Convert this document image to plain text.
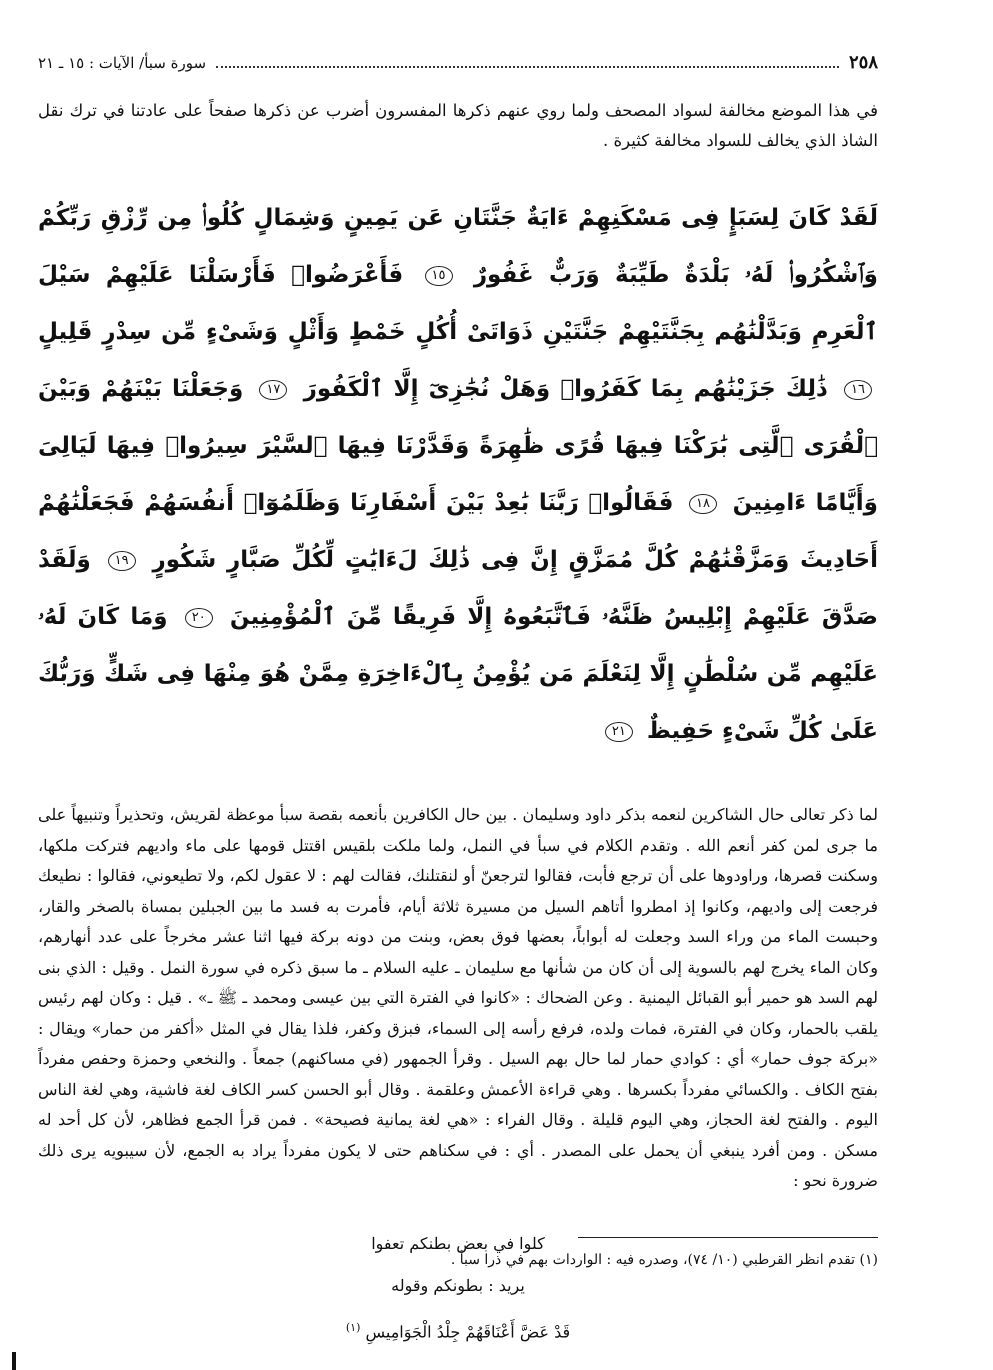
٢٥٨
سورة سبأ/ الآيات : ١٥ ـ ٢١

في هذا الموضع مخالفة لسواد المصحف ولما روي عنهم ذكرها المفسرون أضرب عن ذكرها صفحاً على عادتنا في ترك نقل الشاذ الذي يخالف للسواد مخالفة كثيرة .

لَقَدْ كَانَ لِسَبَإٍ فِى مَسْكَنِهِمْ ءَايَةٌ جَنَّتَانِ عَن يَمِينٍ وَشِمَالٍ كُلُوا۟ مِن رِّزْقِ رَبِّكُمْ وَٱشْكُرُوا۟ لَهُۥ بَلْدَةٌ طَيِّبَةٌ وَرَبٌّ غَفُورٌ ١٥ فَأَعْرَضُوا۟ فَأَرْسَلْنَا عَلَيْهِمْ سَيْلَ ٱلْعَرِمِ وَبَدَّلْنَٰهُم بِجَنَّتَيْهِمْ جَنَّتَيْنِ ذَوَاتَىْ أُكُلٍ خَمْطٍ وَأَثْلٍ وَشَىْءٍ مِّن سِدْرٍ قَلِيلٍ ١٦ ذَٰلِكَ جَزَيْنَٰهُم بِمَا كَفَرُوا۟ وَهَلْ نُجَٰزِىٓ إِلَّا ٱلْكَفُورَ ١٧ وَجَعَلْنَا بَيْنَهُمْ وَبَيْنَ ٱلْقُرَى ٱلَّتِى بَٰرَكْنَا فِيهَا قُرًى ظَٰهِرَةً وَقَدَّرْنَا فِيهَا ٱلسَّيْرَ سِيرُوا۟ فِيهَا لَيَالِىَ وَأَيَّامًا ءَامِنِينَ ١٨ فَقَالُوا۟ رَبَّنَا بَٰعِدْ بَيْنَ أَسْفَارِنَا وَظَلَمُوٓا۟ أَنفُسَهُمْ فَجَعَلْنَٰهُمْ أَحَادِيثَ وَمَزَّقْنَٰهُمْ كُلَّ مُمَزَّقٍ إِنَّ فِى ذَٰلِكَ لَءَايَٰتٍ لِّكُلِّ صَبَّارٍ شَكُورٍ ١٩ وَلَقَدْ صَدَّقَ عَلَيْهِمْ إِبْلِيسُ ظَنَّهُۥ فَٱتَّبَعُوهُ إِلَّا فَرِيقًا مِّنَ ٱلْمُؤْمِنِينَ ٢٠ وَمَا كَانَ لَهُۥ عَلَيْهِم مِّن سُلْطَٰنٍ إِلَّا لِنَعْلَمَ مَن يُؤْمِنُ بِٱلْءَاخِرَةِ مِمَّنْ هُوَ مِنْهَا فِى شَكٍّ وَرَبُّكَ عَلَىٰ كُلِّ شَىْءٍ حَفِيظٌ ٢١

لما ذكر تعالى حال الشاكرين لنعمه بذكر داود وسليمان . بين حال الكافرين بأنعمه بقصة سبأ موعظة لقريش، وتحذيراً وتنبيهاً على ما جرى لمن كفر أنعم الله . وتقدم الكلام في سبأ في النمل، ولما ملكت بلقيس اقتتل قومها على ماء واديهم فتركت ملكها، وسكنت قصرها، وراودوها على أن ترجع فأبت، فقالوا لترجعنّ أو لنقتلنك، فقالت لهم : لا عقول لكم، ولا تطيعوني، فقالوا : نطيعك فرجعت إلى واديهم، وكانوا إذ امطروا أتاهم السيل من مسيرة ثلاثة أيام، فأمرت به فسد ما بين الجبلين بمساة بالصخر والقار، وحبست الماء من وراء السد وجعلت له أبواباً، بعضها فوق بعض، وبنت من دونه بركة فيها اثنا عشر مخرجاً على عدد أنهارهم، وكان الماء يخرج لهم بالسوية إلى أن كان من شأنها مع سليمان ـ عليه السلام ـ ما سبق ذكره في سورة النمل . وقيل : الذي بنى لهم السد هو حمير أبو القبائل اليمنية . وعن الضحاك : «كانوا في الفترة التي بين عيسى ومحمد ـ ﷺ ـ» . قيل : وكان لهم رئيس يلقب بالحمار، وكان في الفترة، فمات ولده، فرفع رأسه إلى السماء، فبزق وكفر، فلذا يقال في المثل «أكفر من حمار» ويقال : «بركة جوف حمار» أي : كوادي حمار لما حال بهم السيل . وقرأ الجمهور (في مساكنهم) جمعاً . والنخعي وحمزة وحفص مفرداً بفتح الكاف . والكسائي مفرداً بكسرها . وهي قراءة الأعمش وعلقمة . وقال أبو الحسن كسر الكاف لغة فاشية، وهي لغة الناس اليوم . والفتح لغة الحجاز، وهي اليوم قليلة . وقال الفراء : «هي لغة يمانية فصيحة» . فمن قرأ الجمع فظاهر، لأن كل أحد له مسكن . ومن أفرد ينبغي أن يحمل على المصدر . أي : في سكناهم حتى لا يكون مفرداً يراد به الجمع، لأن سيبويه يرى ذلك ضرورة نحو :

كلوا في بعض بطنكم تعفوا
يريد : بطونكم وقوله
قَدْ عَضَّ أَعْنَاقَهُمْ جِلْدُ الْجَوَامِيسِ $^{(١)}$
(١) تقدم انظر القرطبي (١٠/ ٧٤)، وصدره فيه : الواردات بهم في ذرا سبأ .
